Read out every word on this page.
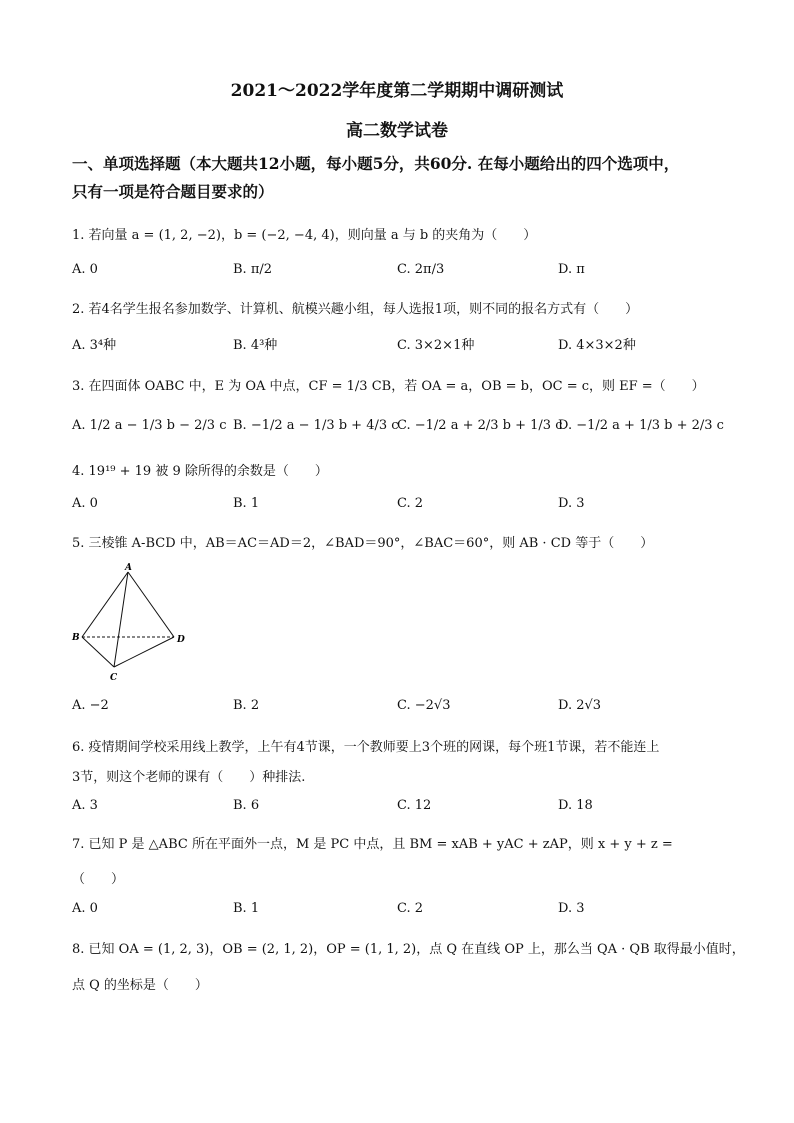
2021～2022学年度第二学期期中调研测试
高二数学试卷
一、单项选择题（本大题共12小题，每小题5分，共60分. 在每小题给出的四个选项中，
只有一项是符合题目要求的）
1. 若向量 a = (1, 2, −2)，b = (−2, −4, 4)，则向量 a 与 b 的夹角为（　　）
A. 0	B. π/2	C. 2π/3	D. π
2. 若4名学生报名参加数学、计算机、航模兴趣小组，每人选报1项，则不同的报名方式有（　　）
A. 3⁴种	B. 4³种	C. 3×2×1种	D. 4×3×2种
3. 在四面体 OABC 中，E 为 OA 中点，CF = 1/3 CB，若 OA = a，OB = b，OC = c，则 EF =（　　）
A. 1/2 a − 1/3 b − 2/3 c B. −1/2 a − 1/3 b + 4/3 c
C. −1/2 a + 2/3 b + 1/3 c
D. −1/2 a + 1/3 b + 2/3 c
4. 19¹⁹ + 19 被 9 除所得的余数是（　　）
A. 0	B. 1	C. 2	D. 3
5. 三棱锥 A-BCD 中，AB＝AC＝AD＝2，∠BAD＝90°，∠BAC＝60°，则 AB · CD 等于（　　）
A
B
C
D
A. −2	B. 2	C. −2√3	D. 2√3
6. 疫情期间学校采用线上教学，上午有4节课，一个教师要上3个班的网课，每个班1节课，若不能连上
3节，则这个老师的课有（　　）种排法.
A. 3	B. 6	C. 12	D. 18
7. 已知 P 是 △ABC 所在平面外一点，M 是 PC 中点，且 BM = xAB + yAC + zAP，则 x + y + z =
（　　）
A. 0	B. 1	C. 2	D. 3
8. 已知 OA = (1, 2, 3)，OB = (2, 1, 2)，OP = (1, 1, 2)，点 Q 在直线 OP 上，那么当 QA · QB 取得最小值时，
点 Q 的坐标是（　　）
